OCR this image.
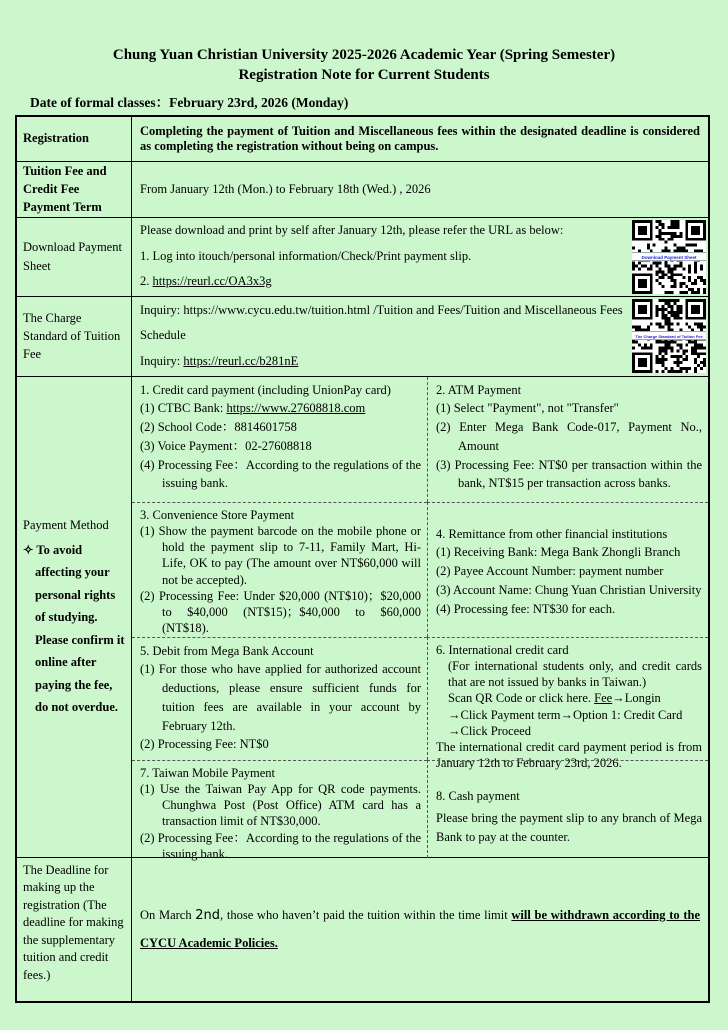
Chung Yuan Christian University 2025-2026 Academic Year (Spring Semester)
Registration Note for Current Students
Date of formal classes：February 23rd, 2026 (Monday)
Registration
Completing the payment of Tuition and Miscellaneous fees within the designated deadline is considered as completing the registration without being on campus.
Tuition Fee and Credit Fee Payment Term
From January 12th (Mon.) to February 18th (Wed.) , 2026
Download Payment Sheet
Please download and print by self after January 12th, please refer the URL as below:
1. Log into itouch/personal information/Check/Print payment slip.
2. https://reurl.cc/OA3x3g
Download Payment Sheet
The Charge Standard of Tuition Fee
Inquiry: https://www.cycu.edu.tw/tuition.html /Tuition and Fees/Tuition and Miscellaneous Fees Schedule
Inquiry: https://reurl.cc/b281nE
The Charge Standard of Tuition Fee
Payment Method
✧ To avoid affecting your personal rights of studying. Please confirm it online after paying the fee, do not overdue.
1. Credit card payment (including UnionPay card)
(1) CTBC Bank: https://www.27608818.com
(2) School Code：8814601758
(3) Voice Payment：02-27608818
(4) Processing Fee：According to the regulations of the issuing bank.
2. ATM Payment
(1) Select "Payment", not "Transfer"
(2) Enter Mega Bank Code-017, Payment No., Amount
(3) Processing Fee: NT$0 per transaction within the bank, NT$15 per transaction across banks.
3. Convenience Store Payment
(1) Show the payment barcode on the mobile phone or hold the payment slip to 7-11, Family Mart, Hi-Life, OK to pay (The amount over NT$60,000 will not be accepted).
(2) Processing Fee: Under $20,000 (NT$10)；$20,000 to $40,000 (NT$15)；$40,000 to $60,000 (NT$18).
4. Remittance from other financial institutions
(1) Receiving Bank: Mega Bank Zhongli Branch
(2) Payee Account Number: payment number
(3) Account Name: Chung Yuan Christian University
(4) Processing fee: NT$30 for each.
5. Debit from Mega Bank Account
(1) For those who have applied for authorized account deductions, please ensure sufficient funds for tuition fees are available in your account by February 12th.
(2) Processing Fee: NT$0
6. International credit card
(For international students only, and credit cards that are not issued by banks in Taiwan.)
Scan QR Code or click here. Fee→Longin
→Click Payment term→Option 1: Credit Card
→Click Proceed
The international credit card payment period is from January 12th to February 23rd, 2026.
7. Taiwan Mobile Payment
(1) Use the Taiwan Pay App for QR code payments. Chunghwa Post (Post Office) ATM card has a transaction limit of NT$30,000.
(2) Processing Fee：According to the regulations of the issuing bank.
8. Cash payment
Please bring the payment slip to any branch of Mega Bank to pay at the counter.
The Deadline for making up the registration (The deadline for making the supplementary tuition and credit fees.)
On March 2nd, those who haven’t paid the tuition within the time limit will be withdrawn according to the CYCU Academic Policies.
